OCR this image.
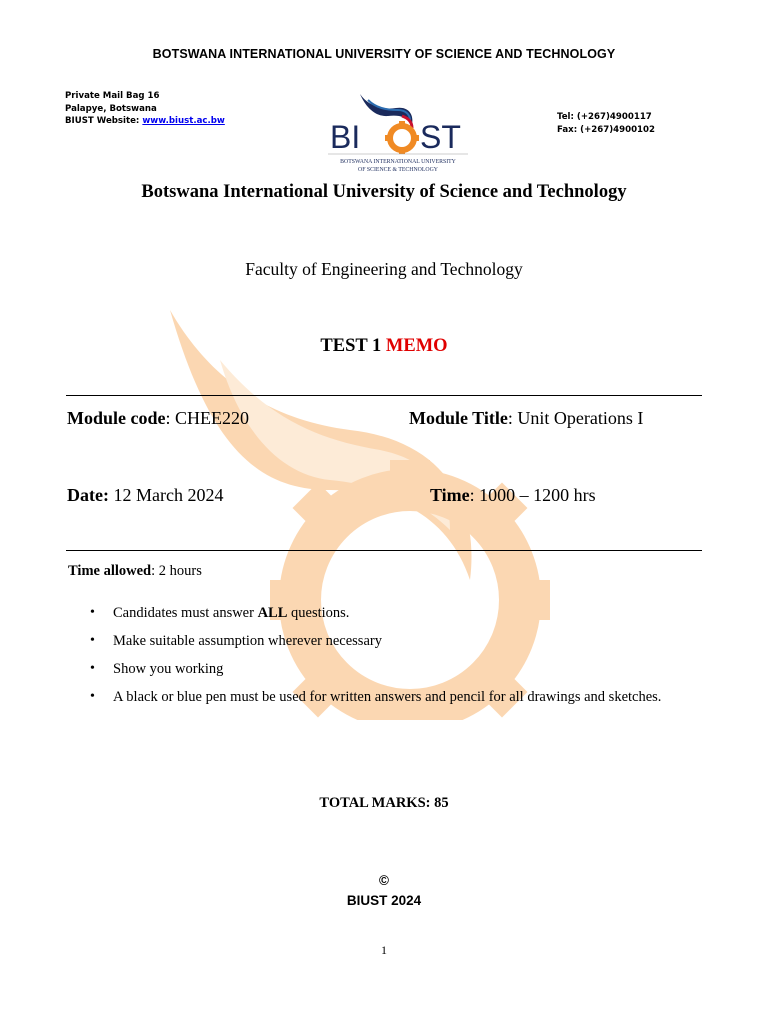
BOTSWANA INTERNATIONAL UNIVERSITY OF SCIENCE AND TECHNOLOGY
Private Mail Bag 16
Palapye, Botswana
BIUST Website: www.biust.ac.bw	Tel: (+267)4900117
Fax: (+267)4900102
BI ST
BOTSWANA INTERNATIONAL UNIVERSITY
OF SCIENCE & TECHNOLOGY
Botswana International University of Science and Technology
Faculty of Engineering and Technology
TEST 1 MEMO
Module code: CHEE220	Module Title: Unit Operations I
Date: 12 March 2024	Time: 1000 – 1200 hrs
Time allowed: 2 hours
• Candidates must answer ALL questions.
• Make suitable assumption wherever necessary
• Show you working
• A black or blue pen must be used for written answers and pencil for all drawings and sketches.
TOTAL MARKS: 85
©
BIUST 2024
1
